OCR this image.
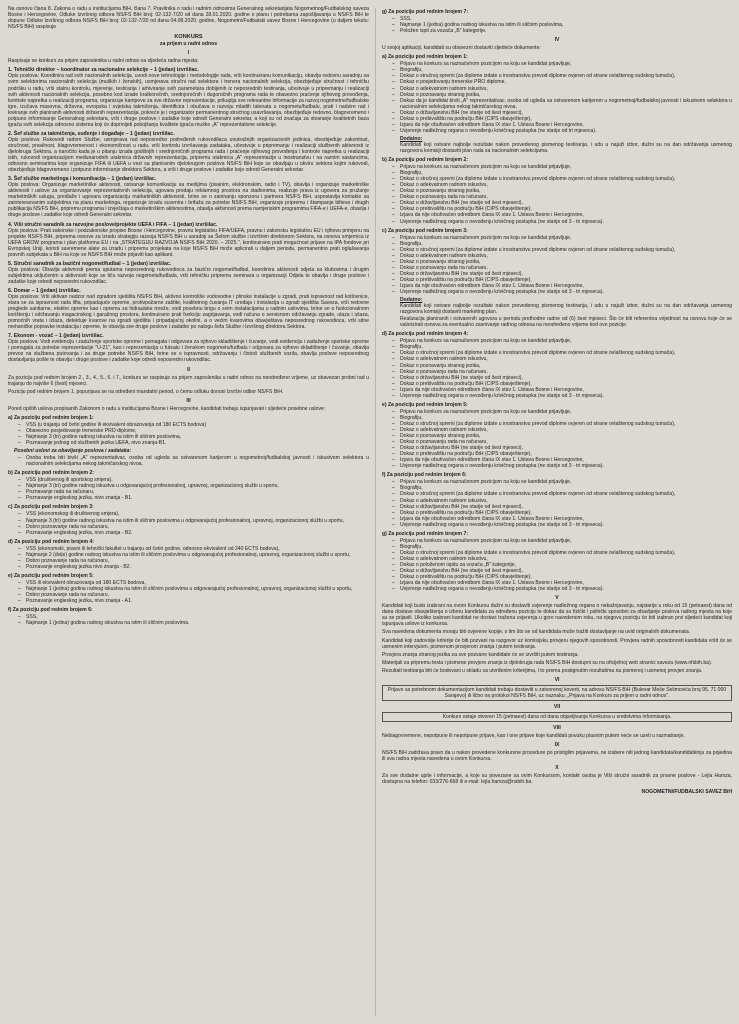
Na osnovu člana 8. Zakona o radu u institucijama BiH, člana 7. Pravilnika o radu i radnim odnosima Generalnog sekretarijata Nogometnog/Fudbalskog saveza Bosne i Hercegovine, Odluke Izvršnog odbora NS/FS BiH broj: 02-132-7/20 od dana 28.01.2020. godine o planu i potrebama zapošljavanja u NS/FS BiH te dopune Odluke Izvršnog odbora NS/FS BiH broj: 02-132-7/20 od dana 04.08.2020. godine, Nogometni/Fudbalski savez Bosne i Hercegovine (u daljem tekstu: NS/FS BiH) raspisuje

KONKURS
za prijem u radni odnos
I

Raspisuje se konkurs za prijem zaposlenika u radni odnos na sljedeća radna mjesta:

1. Tehnički direktor – koordinator za nacionalne selekcije – 1 (jedan) izvršilac.

Opis poslova: Koordinira rad svih nacionalnih selekcija, uvodi nove tehnologije i metodologije rada, vrši kontinuiranu komunikaciju, obavlja redovnu saradnju sa svim selektorima nacionalnih selekcija (muških i ženskih), usmjerava stručni rad selektora i trenera nacionalnih selekcija, obezbjeđuje stručnost i tehničku podršku u radu, vrši stalnu kontrolu, mjerenje, testiranja i arhiviranje svih parametara dobijenih iz neposrednih testiranja, učestvuje u pripremanju i realizaciji svih aktivnosti nacionalnih selekcija, posebno kod izrade kratkoročnih, srednjoročnih i dugoročnih programa rada te obavezno praćenje njihovog provođenja, kontrole napretka u realizaciji programa, organizuje kampove za sve državne reprezentacije, prikuplja sve relevantne informacije za razvoj nogometne/fudbalske igre, izučava masovna, državna, evropska i svjetska takmičenja, identificira i obučava o razvoju mladih talenata u nogometu/fudbalu, prati i nadzire rad i kreiranje svih planiranih aktivnosti državnih reprezentacija, pokreće je i organizator permanentnog stručnog usavršavanja, obezbjeđuje redovno, blagovremeno i potpuno informisanje Generalnog sekretara, vrši i druge poslove i zadatke koje odredi Generalni sekretar, a koji su od značaja za stvaranje kvalitetnih baza igrača svih selekcija odnosno sistema koji će doprinijeti pobojšanju kvalitete igrača muške „A" reprezentativne selekcije.

2. Šef službe za takmičenja, suđenje i događaje – 1 (jedan) izvršilac.

Opis poslova: Rukovodi radom Službe, usmjerava rad neposredno podređenih rukovodilaca unutrašnjih organizacionih jedinica, obezbjeđuje zakonitost, stručnost, pravilnost, blagovremenost i ekonomičnost u radu, vrši kontrolu izvršavanja zadataka, učestvuje u pripremanju i realizaciji službenih aktivnosti iz djelokruga Sektora, a naročito kada je u pitanju izrada godišnjih i srednjoročnih programa rada i praćenje njihovog provođenja i kontrole napretka u realizaciji istih, rukovodi organizacijom međunarodnih utakmica državnih reprezentacija, pripremu utakmica „A" reprezentacije u inostranstvu i na raznim sastancima, odnosno seminarima koje organizuje FIFA ili UEFA u vezi sa planiranim djelokrugom poslova NS/FS BiH koje se obavljaju u okviru sektora kojim rukovodi, obezbjeđuje blagovremeno i potpuno informisanje direktora Sektora, a vrši i druge poslove i zadatke koje odredi Generalni sekretar.

3. Šef službe marketinga i komunikacija – 1 (jedan) izvršilac.

Opis poslova: Organizuje marketinške aktivnosti, ostvaruje komunikaciju sa medijima (pisanim, elektronskim, radio i TV), obavlja i organizuje marketinške aktivnosti i uslove za organizovanje reprezentativnih selekcija, ugovara prodaju reklamnog prostora na stadionima, realizuje prava iz ugovora za pružanje marketinških usluga, predlaže i ugovara organizaciju marketinških aktivnosti, brine se o zaninanju sponzora i partnera NS/FS BiH, uspostavlja kontakte sa zainteresovanim subjektima na planu marketinga, organizuje izradu suvenira i brifaža za potrebe NS/FS BiH, organizuje pripremu i štampanje bilteva i drugih publikacija NS/FS BiH, pripremu programa i izvještaja o marketinškim aktivnostima, obavlja aktivnosti prema namjenskim programima FIFA-e i UEFA-e, obavlja i druge poslove i zadatke koje odredi Generalni sekretar.

4. Viši stručni saradnik za razvojne poslove/projekte UEFA i FIFA – 1 (jedan) izvršilac.

Opis poslova: Prati zakonske i podzakonske propise Bosne i Hercegovine, pravnu legislativu FIFA/UEFA, pravnu i zakonsku legislativu EU i njihovu primjenu na projekte NS/FS BiH, priprema osnove za izradu strategiju razvoja NS/FS BiH u saradnji sa Šefom službe i izvršnim direktorom Sektora, na osnovu smjernica iz UEFA GROW programa i plan platforma EU i na „STRATEGIJU RAZVOJA NS/FS BiH 2020. – 2025.", kontinuirano prati mogućnost prijave na IPA fondove pri Evropskoj Uniji, koristi savremene alate za izradu i pripremu projekata na koje NS/FS BiH može aplicirati u daljem periodu, permanentno prati oglašavanja pravnih subjekata u BiH na koje se NS/FS BiH može prijaviti kao aplikant.

5. Stručni saradnik za bazični nogomet/fudbal – 1 (jedan) izvršilac.

Opis poslova: Obavlja aktivnosti prema uputama neposrednog rukovodioca za bazični nogomet/fudbal, koordinira aktivnosti odjela sa klubovima i drugim subjektima uključenim u aktivnosti koje se tiču razvoja nogometa/fudbala, vrši tehničku pripremu seminara u organizaciji Odjela te obavlja i druge poslove i zadatke koje odredi neposredni rukovodilac.

6. Domar – 1 (jedan) izvršilac.

Opis poslova: Vrši aktivan nadzor nad zgradom sjedišta NS/FS BiH, aktivno kontroliše vodovodne i plinske instalacije u zgradi, prati ispravnost rad kotlovnice, stara se za ispravnost rada lifta, pripadajuće opreme, protivpožarne zaštite, kvalitetnog čuvanja IT uređaja i instalacija u zgradi sjedišta Saveza, vrši redovne preglede sanitarne, elektro opreme kao i opremu za hidraulske mreže, vodi posebnu brigu o svim instalacijama u radnim uslovima, brine se o funkcionalnom korištenju i održavanju magacinskog i garažnog prostora, kontinuirano prati funkciju zagrijavanja, vodi računa o servisnom održavanju zgrade, ulaza i izlaza, pomoćnih vrata i izlaza, detektuje kvarove na zgradi sjedišta i pripadajućoj okolini, a o većim kvarovima obavještava neposrednog rukovodioca, vrši sitne mehaničke popravke instalacija i opreme, te obavlja sve druge poslove i zadatke po nalogu šefa Službe i Izvršnog direktora Sektora.

7. Ekonom - vozač – 1 (jedan) izvršilac.

Opis poslova: Vodi evidenciju i zaduženje sportske opreme i pomagala i odgovara za njihovo skladištenje i čuvanje, vodi evidenciju i zaduženje sportske opreme i pomagala za potrebe reprezentacije "U-21", kao i reprezentacija u futsalu i ženskom nogometu/fudbalu i odgovara za njihovo skladištenje i čuvanje, obavlja prevoz na službena putovanja i za druge potrebe NS/FS BiH, brine se o ispravnosti, održavanju i čistoći službenih vozila, obavlja poslove neposrednog dostavljanja pošte te obavlja i druge poslove i zadatke koje odredi neposredni rukovodilac.

II

Za poziciju pod rednim brojem 2., 3., 4., 5., 6. i 7., konkurs se raspisuje za prijem zaposlenika u radni odnos na neodređeno vrijeme, uz obavezan probni rad u trajanju do najviše 6 (šest) mjeseci.

Poziciju pod rednim brojem 1. popunjava se na određeni mandatni period, o čemu odluku donosi Izvršni odbor NS/FS BiH.

III

Pored opštih uslova propisanih Zakonom o radu u institucijama Bosne i Hercegovine, kandidati trebaju ispunjavati i sljedeće posebne uslove:

a) Za poziciju pod rednim brojem 1:
– VSS (u trajanju od četiri godine ili ekvivalent obrazovanja od 180 ECTS bodova)
– Obavezno posjedovanje trenerske PRO diplome,
– Najmanje 3 (tri) godine radnog iskustva na istim ili sličnim poslovima,
– Poznavanje jednog od službenih jezika UEFA, nivo znanja-B1.
Posebni uslovi za obavljanje poslova i zadataka:
– Osoba treba biti bivši „A" reprezentativac, osoba od ugleda sa ostvarenom karijerom u nogometnoj/fudbalskoj javnosti i iskustvom selektora u nacionalnim selekcijama nekog takmičarskog nivoa.
b) Za poziciju pod rednim brojem 2:
– VSS (društvenog ili sportskog smjera),
– Najmanje 3 (tri) godine radnog iskustva u odgovarajućoj profesionalnoj, upravnoj, organizacionoj službi u sportu,
– Poznavanje rada na računaru,
– Poznavanje engleskog jezika, nivo znanja - B1.
c) Za poziciju pod rednim brojem 3:
– VSS (ekonomskog ili društvenog smjera),
– Najmanje 3 (tri) godine radnog iskustva na istim ili sličnim poslovima u odgovarajućoj profesionalnoj, upravnoj, organizacionoj službi u sportu,
– Dobro poznavanje rada na računaru,
– Poznavanje engleskog jezika, nivo znanja - B2.
d) Za poziciju pod rednim brojem 4:
– VSS (ekonomski, pravni ili tehnički fakultet u trajanju od četiri godine, odnosno ekvivalent od 240 ECTS bodova),
– Najmanje 2 (dvije) godine radnog iskustva na istim ili sličnim poslovima u odgovarajućoj profesionalnoj, upravnoj, organizacionoj službi u sportu,
– Dobro poznavanje rada na računaru,
– Poznavanje engleskog jezika nivo znanja - B2.
e) Za poziciju pod rednim brojem 5:
– VSS ili ekvivalent obrazovanja od 180 ECTS bodova,
– Najmanje 1 (jedna) godina radnog iskustva na istim ili sličnim poslovima u odgovarajućoj profesionalnoj, upravnoj, organizacionoj službi u sportu,
– Dobro poznavanje rada na računaru,
– Poznavanje engleskog jezika, nivo znanja - A1.
f) Za poziciju pod rednim brojem 6:
– SSS,
– Najmanje 1 (jedna) godina radnog iskustva na istim ili sličnim poslovima.
g) Za poziciju pod rednim brojem 7:
– SSS,
– Najmanje 1 (jedna) godina radnog iskustva na istim ili sličnim poslovima,
– Položen ispit za vozača „B" kategorije.
IV

U svojoj aplikaciji, kandidati su obavezni dostaviti sljedeće dokumente:

a) Za poziciju pod rednim brojem 1:
– Prijavu na konkurs sa naznačenom pozicijom na koju se kandidat prijavljuje,
– Biografiju,
– Dokaz o stručnoj spremi (za diplome izdate u inostranstvu prevod diplome ovjeren od strane ovlaštenog sudskog tumača),
– Dokaz o posjedovanju trenerske PRO diplome,
– Dokaz o adekvatnom radnom iskustvu,
– Dokaz o poznavanju stranog jezika,
– Dokaz da je kandidat bivši „A" reprezentativac, osoba od ugleda sa ostvarenom karijerom u nogometnoj/fudbalskoj javnosti i iskustvom selektora u nacionalnim selekcijama nekog takmičarskog nivoa,
– Dokaz o državljanstvu BiH (ne starije od šest mjeseci),
– Dokaz o prebivalištu na području BiH (CIPS obavještenje),
– Izjavu da nije obuhvaćen odredbom člana IX stav 1. Ustava Bosne i Hercegovine,
– Uvjerenje nadležnog organa o nevođenju krivičnog postupka (ne starije od tri mjeseca).
Dodatno:

Kandidati koji ostvare najbolje rezultate nakon provedenog pismenog testiranja, i udu u najuži izbor, dužni su na dan održavanja usmenog razgovora komisiji dostaviti plan rada sa nacionalnim selekcijama.

b) Za poziciju pod rednim brojem 2:
– Prijavu na konkurs sa naznačenom pozicijom na koju se kandidat prijavljuje,
– Biografiju,
– Dokaz o stručnoj spremi (za diplome izdate u inostranstvu prevod diplome ovjeren od strane ovlaštenog sudskog tumača),
– Dokaz o adekvatnom radnom iskustvu,
– Dokaz o poznavanju stranog jezika,
– Dokaz o poznavanju rada na računaru,
– Dokaz o državljanstvu BiH (ne starije od šest mjeseci),
– Dokaz o prebivalištu na području BiH (CIPS obavještenje),
– Izjavu da nije obuhvaćen odredbom člana IX stav 1. Ustava Bosne i Hercegovine,
– Uvjerenje nadležnog organa o nevođenju krivičnog postupka (ne starije od 3 - tri mjeseca).
c) Za poziciju pod rednim brojem 3:
– Prijavu na konkurs sa naznačenom pozicijom na koju se kandidat prijavljuje,
– Biografiju,
– Dokaz o stručnoj spremi (za diplome izdate u inostranstvu prevod diplome ovjeren od strane ovlaštenog sudskog tumača),
– Dokaz o adekvatnom radnom iskustvu,
– Dokaz o poznavanju stranog jezika,
– Dokaz o poznavanju rada na računaru,
– Dokaz o državljanstvu BiH (ne starije od šest mjeseci),
– Dokaz o prebivalištu na području BiH (CIPS obavještenje),
– Izjavu da nije obuhvaćen odredbom člana IX stav 1. Ustava Bosne i Hercegovine,
– Uvjerenje nadležnog organa o nevođenju krivičnog postupka (ne starije od 3 - tri mjeseca).
Dodatno:

Kandidati koji ostvare najbolje rezultate nakon provedenog pismenog testiranja, i udu u najuži izbor, dužni su na dan održavanja usmenog razgovora komisiji dostaviti marketing plan.

Realizacija planiranih i ostvarenih ugovora u periodu prethodne radne od (6) šest mjeseci. Što će biti referentna vrijednost na osnovu koje će se valorizirati osnova za eventualno zasnivanje radnog odnosa na neodređeno vrijeme kod ove pozicije.

d) Za poziciju pod rednim brojem 4:
– Prijavu na konkurs sa naznačenom pozicijom na koju se kandidat prijavljuje,
– Biografiju,
– Dokaz o stručnoj spremi (za diplome izdate u inostranstvu prevod diplome ovjeren od strane ovlaštenog sudskog tumača),
– Dokaz o adekvatnom radnom iskustvu,
– Dokaz o poznavanju stranog jezika,
– Dokaz o poznavanju rada na računaru,
– Dokaz o državljanstvu BiH (ne starije od šest mjeseci),
– Dokaz o prebivalištu na području BiH (CIPS obavještenje),
– Izjavu da nije obuhvaćen odredbom člana IX stav 1. Ustava Bosne i Hercegovine,
– Uvjerenje nadležnog organa o nevođenju krivičnog postupka (ne starije od 3 - tri mjeseca).
e) Za poziciju pod rednim brojem 5:
– Prijavu na konkurs sa naznačenom pozicijom na koju se kandidat prijavljuje,
– Biografiju,
– Dokaz o stručnoj spremi (za diplome izdate u inostranstvu prevod diplome ovjeren od strane ovlaštenog sudskog tumača),
– Dokaz o adekvatnom radnom iskustvu,
– Dokaz o poznavanju stranog jezika,
– Dokaz o poznavanju rada na računaru,
– Dokaz o državljanstvu BiH (ne starije od šest mjeseci),
– Dokaz o prebivalištu na području BiH (CIPS obavještenje),
– Izjavu da nije obuhvaćen odredbom člana IX stav 1. Ustava Bosne i Hercegovine,
– Uvjerenje nadležnog organa o nevođenju krivičnog postupka (ne starije od 3 - tri mjeseca).
f) Za poziciju pod rednim brojem 6:
– Prijavu na konkurs sa naznačenom pozicijom na koju se kandidat prijavljuje,
– Biografiju,
– Dokaz o stručnoj spremi (za diplome izdate u inostranstvu prevod diplome ovjeren od strane ovlaštenog sudskog tumača),
– Dokaz o adekvatnom radnom iskustvu,
– Dokaz o državljanstvu BiH (ne starije od šest mjeseci),
– Dokaz o prebivalištu na području BiH (CIPS obavještenje),
– Izjavu da nije obuhvaćen odredbom člana IX stav 1. Ustava Bosne i Hercegovine,
– Uvjerenje nadležnog organa o nevođenju krivičnog postupka (ne starije od 3 - tri mjeseca).
g) Za poziciju pod rednim brojem 7:
– Prijavu na konkurs sa naznačenom pozicijom na koju se kandidat prijavljuje,
– Biografiju,
– Dokaz o stručnoj spremi (za diplome izdate u inostranstvu prevod diplome ovjeren od strane ovlaštenog sudskog tumača),
– Dokaz o adekvatnom radnom iskustvu,
– Dokaz o položenom ispitu za vozača „B" kategorije,
– Dokaz o državljanstvu BiH (ne starije od šest mjeseci),
– Dokaz o prebivalištu na području BiH (CIPS obavještenje),
– Izjavu da nije obuhvaćen odredbom člana IX stav 1. Ustava Bosne i Hercegovine,
– Uvjerenje nadležnog organa o nevođenju krivičnog postupka (ne starije od 3 - tri mjeseca).
V

Kandidati koji budu izabrani na ovom Konkursu dužni su dostaviti uvjerenje nadležnog organa o nekažnjavanju, najstarije u roku od 15 (petnaest) dana od dana dostave obavještenja o izboru kandidata za određenu poziciju te dokaz da su fizički i psihički sposobni za obavljanje poslova radnog mjesta na koje su se prijavili. Ukoliko izabrani kandidat ne dostavi tražena uvjerenja u gore navedenom roku, na njegovu poziciju će biti izabran prvi sljedeći kandidat koji ispunjava uslove iz konkursa.

Sva navedena dokumenta moraju biti ovjerene kopije, s tim što se od kandidata može tražiti dostavljanje na uvid originalnih dokumenata.

Kandidati koji zadovolje kriterije će biti pozvani na razgovor uz komisijsku provjeru njegovih sposobnosti. Provjera radnih sposobnosti kandidata vršit će se usmenim intervjuom, pismenom provjerom znanja i putem testiranja.

Provjera znanja stranog jezika za sve pozvane kandidate će se izvršiti putem testiranja.

Materijali za pripremu testa i pismene provjere znanja iz djelokruga rada NS/FS BiH dostupni su na oficijelnoj web stranici saveza (www.nfsbih.ba).

Rezultati testiranja biti će bodovani u skladu sa utvrđenim kriterijima, i to prema postignutim rezultatima na pismenoj i usmenoj provjeri znanja.

VI

Prijave sa potrebnom dokumentacijom kandidati trebaju dostaviti u zatvorenoj koverti, na adresu NS/FS BiH (Bulevar Meše Selimovića broj 95, 71 000 Sarajevo) ili lično na protokol NS/FS BiH, uz naznaku: „Prijava na Konkurs za prijem u radni odnos".

VII

Konkurs ostaje otvoren 15 (petnaest) dana od dana objavljivanja Konkursa u sredstvima informisanja.

VIII

Neblagovremene, nepotpune ili nepotpune prijave, kao i one prijave koje kandidati povuku plasnim putem neće se uzeti u razmatranje.

IX

NS/FS BiH zadržava pravo da u nakon provedene konkursne procedure po pristiglim prijavama, ne izabere niti jednog kandidata/kandidatkinju za pojedina ili sva radna mjesta navedena u ovom Konkursu.

X

Za sve dodatne upite i informacije, a koje su povezane sa ovim Konkursom, kontakt osoba je Viši stručni saradnik za pravne poslove - Lejla Hamza, dostupna na telefon: 033/276-668 ili e-mail: lejla.hamza@nsbih.ba.

NOGOMETNI/FUDBALSKI SAVEZ BiH
